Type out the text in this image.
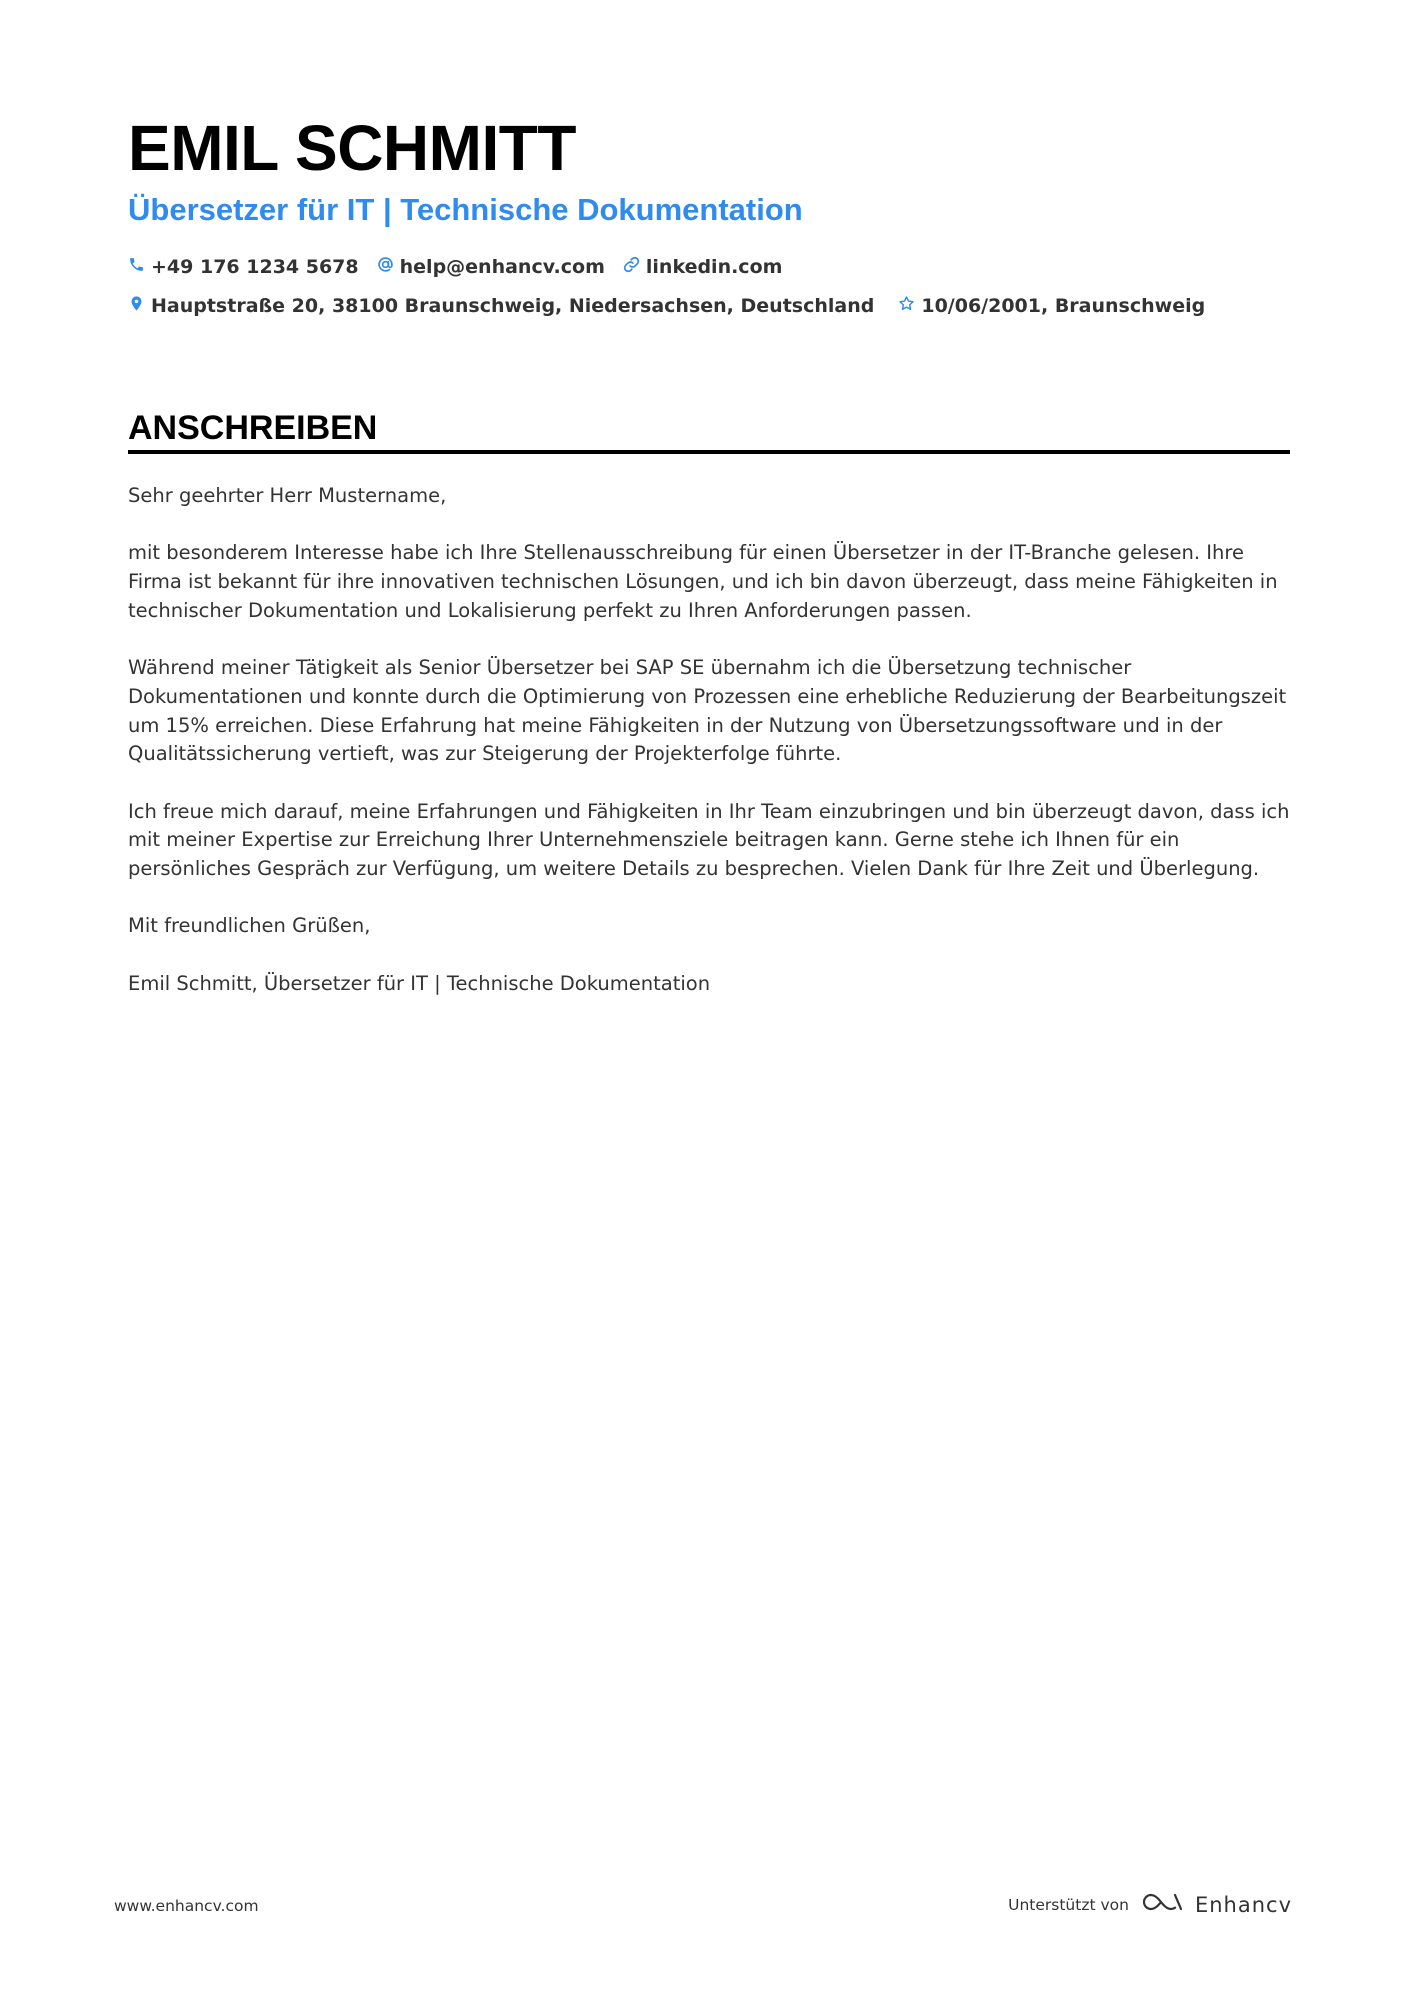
EMIL SCHMITT
Übersetzer für IT | Technische Dokumentation
+49 176 1234 5678 help@enhancv.com linkedin.com
Hauptstraße 20, 38100 Braunschweig, Niedersachsen, Deutschland 10/06/2001, Braunschweig
ANSCHREIBEN

Sehr geehrter Herr Mustername,

mit besonderem Interesse habe ich Ihre Stellenausschreibung für einen Übersetzer in der IT-Branche gelesen. Ihre Firma ist bekannt für ihre innovativen technischen Lösungen, und ich bin davon überzeugt, dass meine Fähigkeiten in technischer Dokumentation und Lokalisierung perfekt zu Ihren Anforderungen passen.

Während meiner Tätigkeit als Senior Übersetzer bei SAP SE übernahm ich die Übersetzung technischer Dokumentationen und konnte durch die Optimierung von Prozessen eine erhebliche Reduzierung der Bearbeitungszeit um 15% erreichen. Diese Erfahrung hat meine Fähigkeiten in der Nutzung von Übersetzungssoftware und in der Qualitätssicherung vertieft, was zur Steigerung der Projekterfolge führte.

Ich freue mich darauf, meine Erfahrungen und Fähigkeiten in Ihr Team einzubringen und bin überzeugt davon, dass ich mit meiner Expertise zur Erreichung Ihrer Unternehmensziele beitragen kann. Gerne stehe ich Ihnen für ein persönliches Gespräch zur Verfügung, um weitere Details zu besprechen. Vielen Dank für Ihre Zeit und Überlegung.

Mit freundlichen Grüßen,

Emil Schmitt, Übersetzer für IT | Technische Dokumentation

www.enhancv.com	Unterstützt von	Enhancv
